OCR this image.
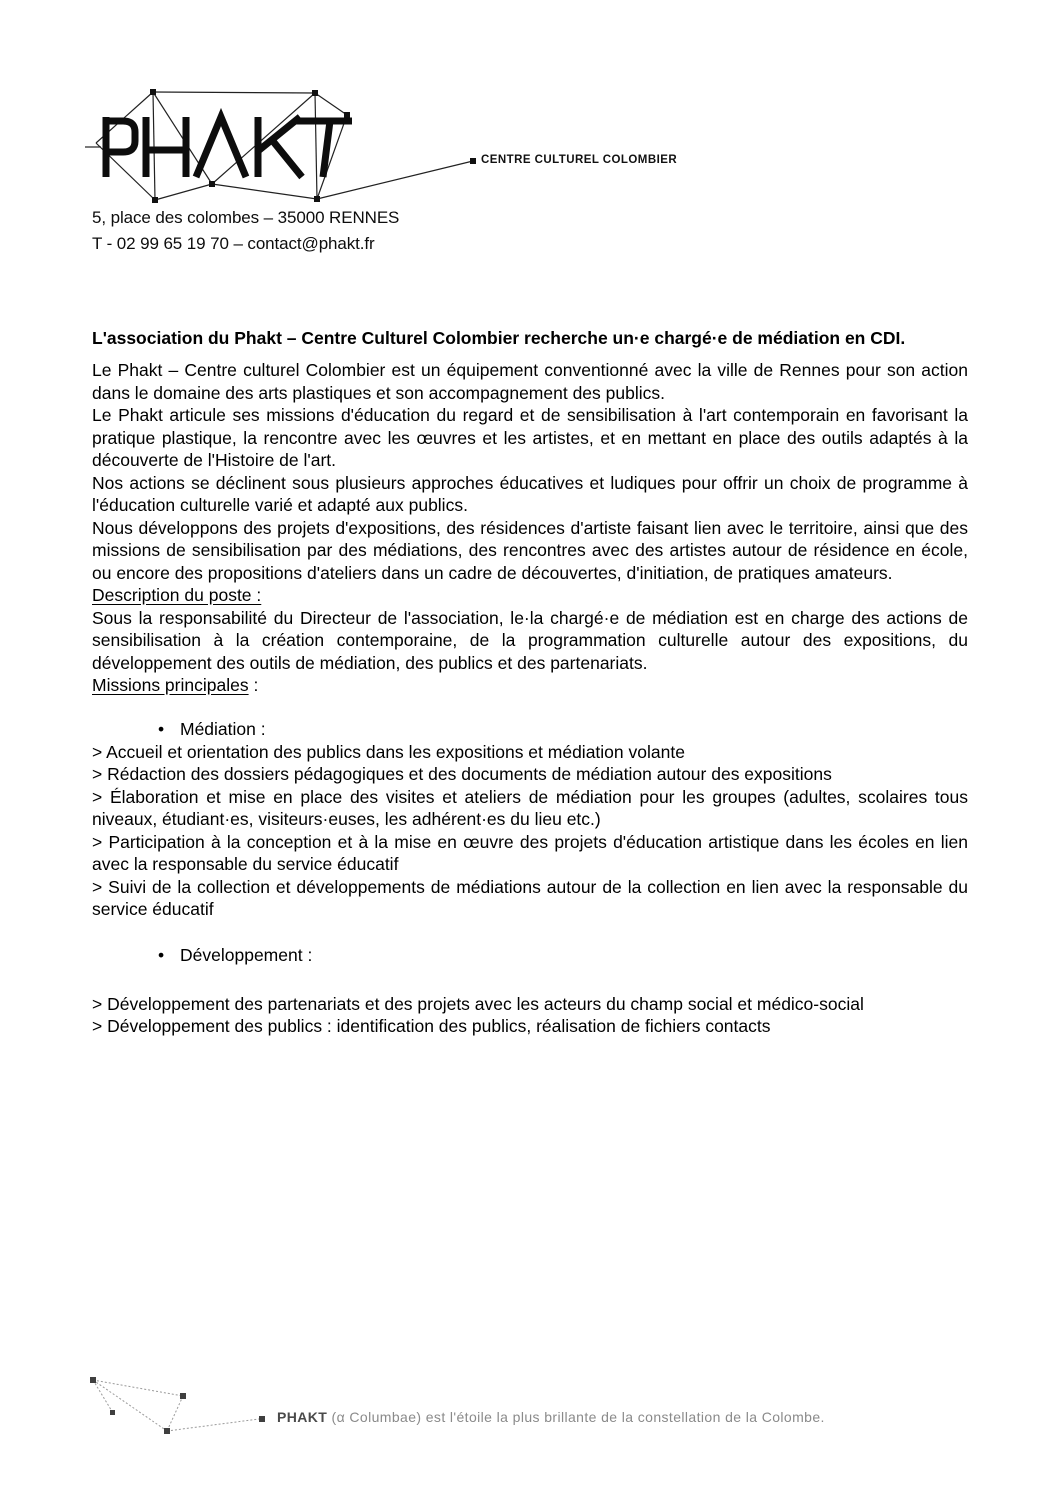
CENTRE CULTUREL COLOMBIER
5, place des colombes – 35000 RENNES
T - 02 99 65 19 70 – contact@phakt.fr

L'association du Phakt – Centre Culturel Colombier recherche un·e chargé·e de médiation en CDI.

Le Phakt – Centre culturel Colombier est un équipement conventionné avec la ville de Rennes pour son action dans le domaine des arts plastiques et son accompagnement des publics.

Le Phakt articule ses missions d'éducation du regard et de sensibilisation à l'art contemporain en favorisant la pratique plastique, la rencontre avec les œuvres et les artistes, et en mettant en place des outils adaptés à la découverte de l'Histoire de l'art.

Nos actions se déclinent sous plusieurs approches éducatives et ludiques pour offrir un choix de programme à l'éducation culturelle varié et adapté aux publics.

Nous développons des projets d'expositions, des résidences d'artiste faisant lien avec le territoire, ainsi que des missions de sensibilisation par des médiations, des rencontres avec des artistes autour de résidence en école, ou encore des propositions d'ateliers dans un cadre de découvertes, d'initiation, de pratiques amateurs.

Description du poste :

Sous la responsabilité du Directeur de l'association, le·la chargé·e de médiation est en charge des actions de sensibilisation à la création contemporaine, de la programmation culturelle autour des expositions, du développement des outils de médiation, des publics et des partenariats.

Missions principales :

• Médiation :

> Accueil et orientation des publics dans les expositions et médiation volante

> Rédaction des dossiers pédagogiques et des documents de médiation autour des expositions

> Élaboration et mise en place des visites et ateliers de médiation pour les groupes (adultes, scolaires tous niveaux, étudiant·es, visiteurs·euses, les adhérent·es du lieu etc.)

> Participation à la conception et à la mise en œuvre des projets d'éducation artistique dans les écoles en lien avec la responsable du service éducatif

> Suivi de la collection et développements de médiations autour de la collection en lien avec la responsable du service éducatif

• Développement :

> Développement des partenariats et des projets avec les acteurs du champ social et médico-social

> Développement des publics : identification des publics, réalisation de fichiers contacts

PHAKT (α Columbae) est l'étoile la plus brillante de la constellation de la Colombe.
